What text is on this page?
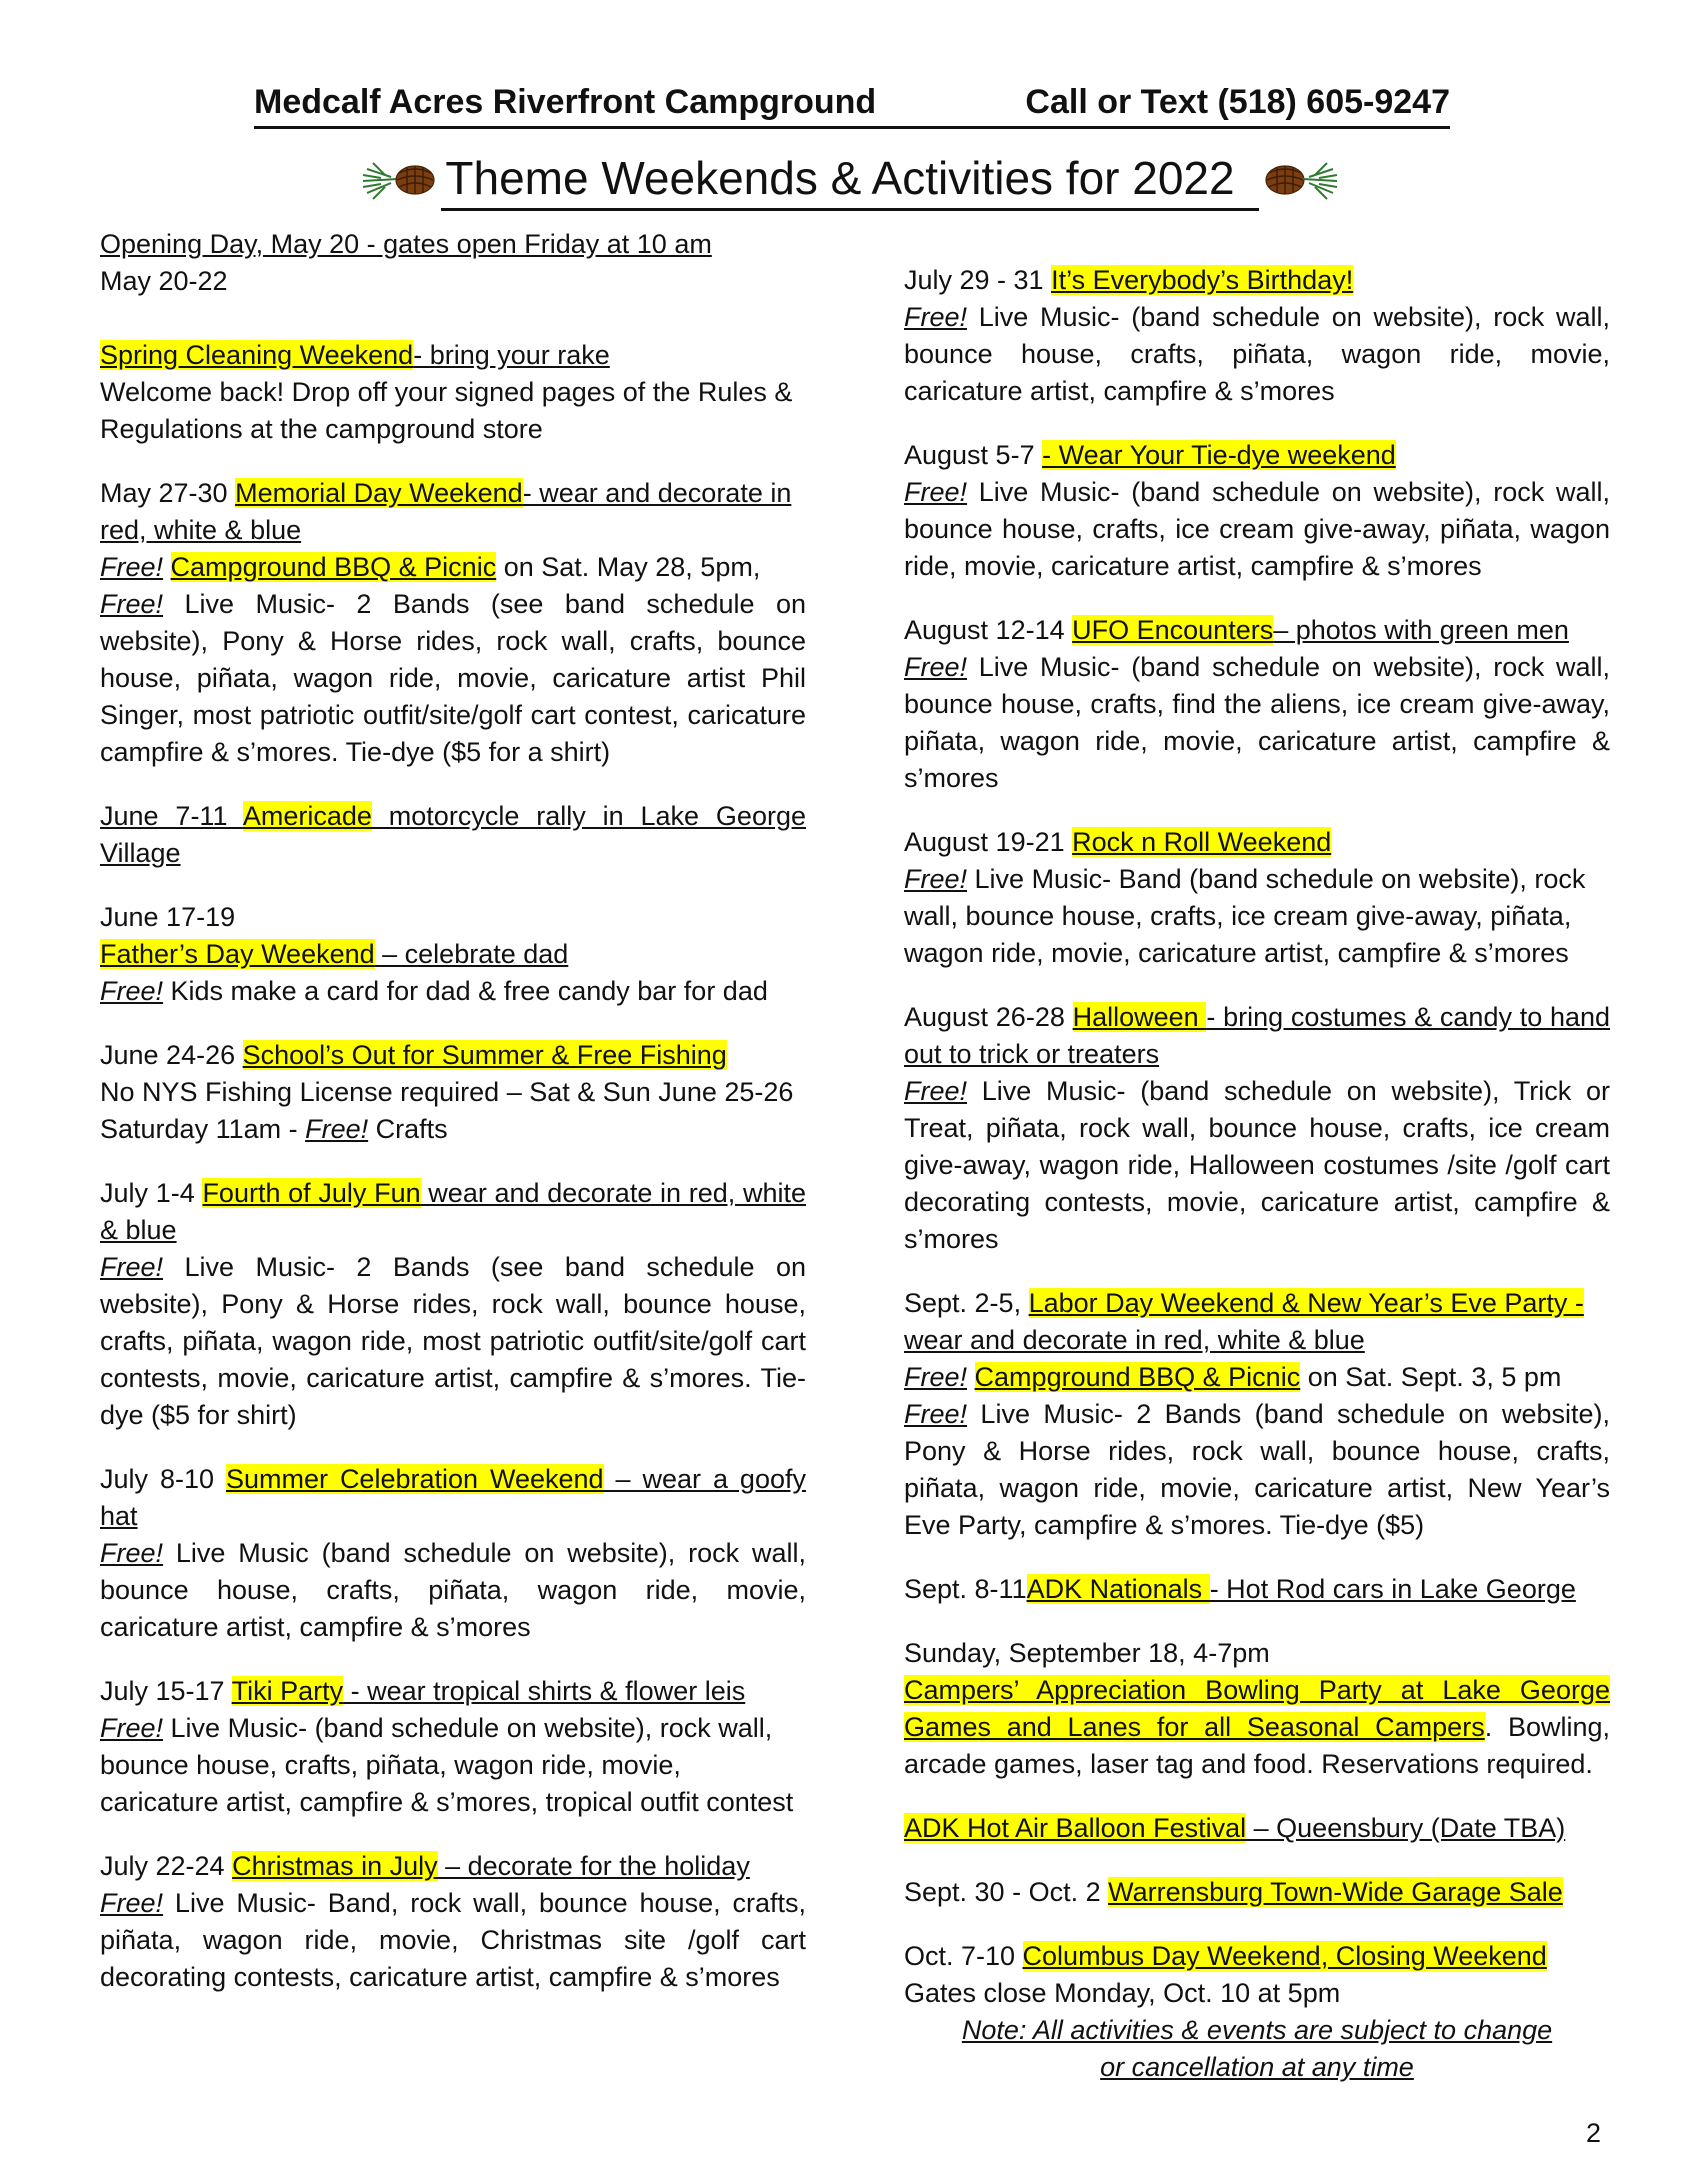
Medcalf Acres Riverfront Campground	Call or Text (518) 605-9247
Theme Weekends & Activities for 2022

Opening Day, May 20 - gates open Friday at 10 am

May 20-22

Spring Cleaning Weekend- bring your rake

Welcome back! Drop off your signed pages of the Rules & Regulations at the campground store

May 27-30 Memorial Day Weekend- wear and decorate in red, white & blue

Free! Campground BBQ & Picnic on Sat. May 28, 5pm,

Free! Live Music- 2 Bands (see band schedule on website), Pony & Horse rides, rock wall, crafts, bounce house, piñata, wagon ride, movie, caricature artist Phil Singer, most patriotic outfit/site/golf cart contest, caricature campfire & s’mores. Tie-dye ($5 for a shirt)

June 7-11 Americade motorcycle rally in Lake George Village

June 17-19

Father’s Day Weekend – celebrate dad

Free! Kids make a card for dad & free candy bar for dad

June 24-26 School’s Out for Summer & Free Fishing

No NYS Fishing License required – Sat & Sun June 25-26

Saturday 11am - Free! Crafts

July 1-4 Fourth of July Fun wear and decorate in red, white & blue

Free! Live Music- 2 Bands (see band schedule on website), Pony & Horse rides, rock wall, bounce house, crafts, piñata, wagon ride, most patriotic outfit/site/golf cart contests, movie, caricature artist, campfire & s’mores. Tie-dye ($5 for shirt)

July 8-10 Summer Celebration Weekend – wear a goofy hat

Free! Live Music (band schedule on website), rock wall, bounce house, crafts, piñata, wagon ride, movie, caricature artist, campfire & s’mores

July 15-17 Tiki Party - wear tropical shirts & flower leis

Free! Live Music- (band schedule on website), rock wall, bounce house, crafts, piñata, wagon ride, movie, caricature artist, campfire & s’mores, tropical outfit contest

July 22-24 Christmas in July – decorate for the holiday

Free! Live Music- Band, rock wall, bounce house, crafts, piñata, wagon ride, movie, Christmas site /golf cart decorating contests, caricature artist, campfire & s’mores

July 29 - 31 It’s Everybody’s Birthday!

Free! Live Music- (band schedule on website), rock wall, bounce house, crafts, piñata, wagon ride, movie, caricature artist, campfire & s’mores

August 5-7 - Wear Your Tie-dye weekend

Free! Live Music- (band schedule on website), rock wall, bounce house, crafts, ice cream give-away, piñata, wagon ride, movie, caricature artist, campfire & s’mores

August 12-14 UFO Encounters– photos with green men

Free! Live Music- (band schedule on website), rock wall, bounce house, crafts, find the aliens, ice cream give-away, piñata, wagon ride, movie, caricature artist, campfire & s’mores

August 19-21 Rock n Roll Weekend

Free! Live Music- Band (band schedule on website), rock wall, bounce house, crafts, ice cream give-away, piñata, wagon ride, movie, caricature artist, campfire & s’mores

August 26-28 Halloween - bring costumes & candy to hand out to trick or treaters

Free! Live Music- (band schedule on website), Trick or Treat, piñata, rock wall, bounce house, crafts, ice cream give-away, wagon ride, Halloween costumes /site /golf cart decorating contests, movie, caricature artist, campfire & s’mores

Sept. 2-5, Labor Day Weekend & New Year’s Eve Party - wear and decorate in red, white & blue

Free! Campground BBQ & Picnic on Sat. Sept. 3, 5 pm

Free! Live Music- 2 Bands (band schedule on website), Pony & Horse rides, rock wall, bounce house, crafts, piñata, wagon ride, movie, caricature artist, New Year’s Eve Party, campfire & s’mores. Tie-dye ($5)

Sept. 8-11ADK Nationals - Hot Rod cars in Lake George

Sunday, September 18, 4-7pm

Campers’ Appreciation Bowling Party at Lake George Games and Lanes for all Seasonal Campers. Bowling, arcade games, laser tag and food. Reservations required.

ADK Hot Air Balloon Festival – Queensbury (Date TBA)

Sept. 30 - Oct. 2 Warrensburg Town-Wide Garage Sale

Oct. 7-10 Columbus Day Weekend, Closing Weekend

Gates close Monday, Oct. 10 at 5pm

Note: All activities & events are subject to change

or cancellation at any time

2
